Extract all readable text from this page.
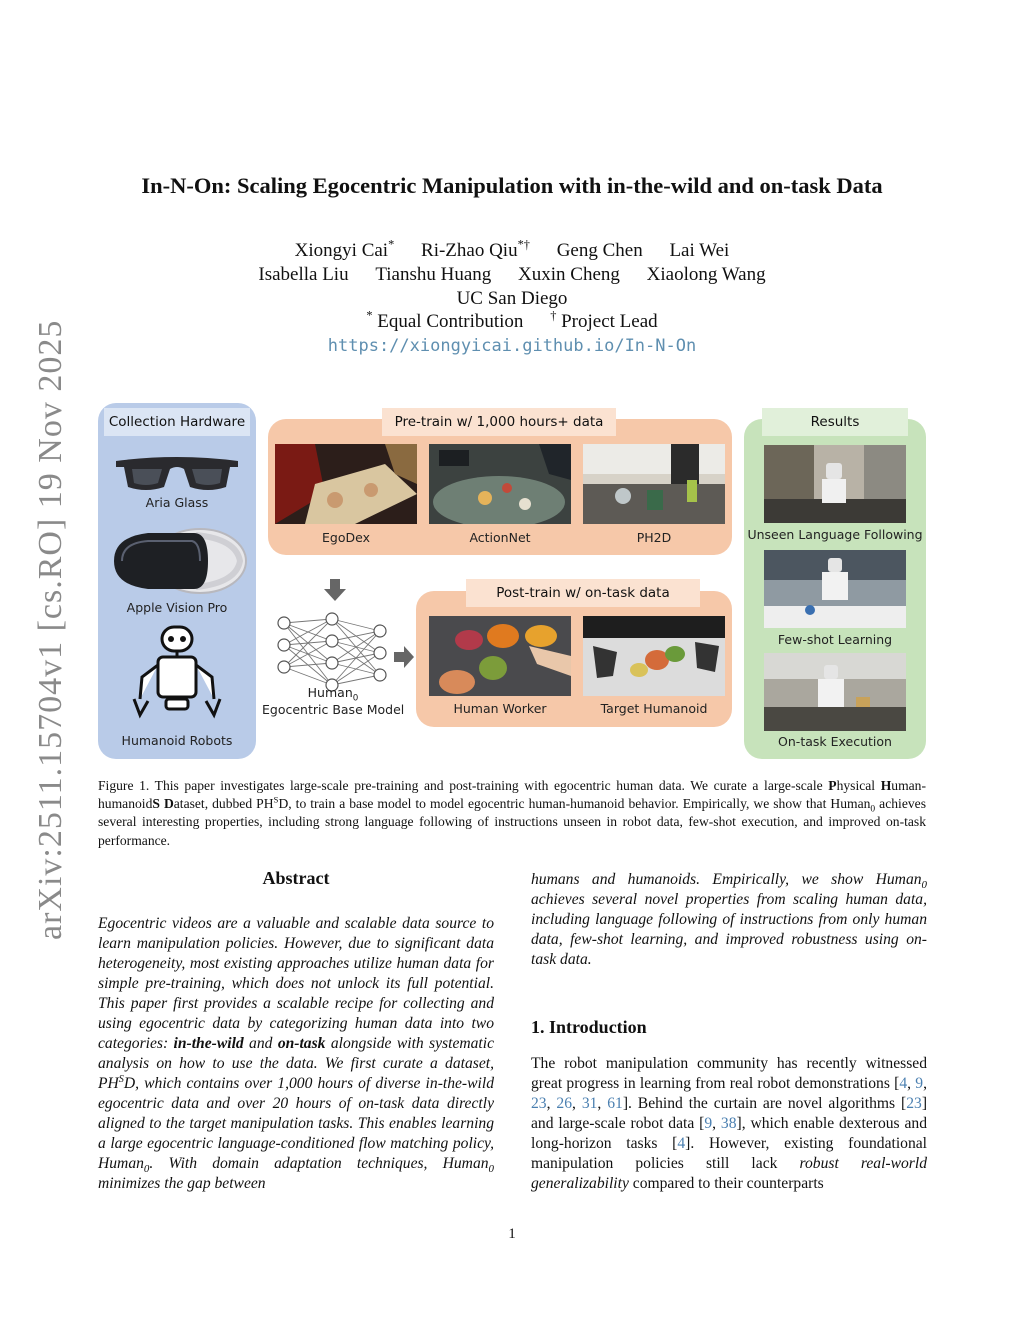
arXiv:2511.15704v1 [cs.RO] 19 Nov 2025
In-N-On: Scaling Egocentric Manipulation with in-the-wild and on-task Data
Xiongyi Cai* Ri-Zhao Qiu*† Geng Chen Lai Wei
Isabella Liu Tianshu Huang Xuxin Cheng Xiaolong Wang
UC San Diego
* Equal Contribution † Project Lead
https://xiongyicai.github.io/In-N-On
Collection Hardware
Aria Glass
Apple Vision Pro
Humanoid Robots
Pre-train w/ 1,000 hours+ data
EgoDex	ActionNet	PH2D
Human$_0$
Egocentric Base Model
Post-train w/ on-task data
Human Worker	Target Humanoid
Results
Unseen Language Following
Few-shot Learning
On-task Execution
Figure 1. This paper investigates large-scale pre-training and post-training with egocentric human data. We curate a large-scale Physical Human-humanoidS Dataset, dubbed $PH^SD$, to train a base model to model egocentric human-humanoid behavior. Empirically, we show that Human$_0$ achieves several interesting properties, including strong language following of instructions unseen in robot data, few-shot execution, and improved on-task performance.
Abstract
Egocentric videos are a valuable and scalable data source to learn manipulation policies. However, due to significant data heterogeneity, most existing approaches utilize human data for simple pre-training, which does not unlock its full potential. This paper first provides a scalable recipe for collecting and using egocentric data by categorizing human data into two categories: in-the-wild and on-task alongside with systematic analysis on how to use the data. We first curate a dataset, $PH^SD$, which contains over 1,000 hours of diverse in-the-wild egocentric data and over 20 hours of on-task data directly aligned to the target manipulation tasks. This enables learning a large egocentric language-conditioned flow matching policy, Human$_0$. With domain adaptation techniques, Human$_0$ minimizes the gap between
humans and humanoids. Empirically, we show Human$_0$ achieves several novel properties from scaling human data, including language following of instructions from only human data, few-shot learning, and improved robustness using on-task data.
1. Introduction
The robot manipulation community has recently witnessed great progress in learning from real robot demonstrations [4, 9, 23, 26, 31, 61]. Behind the curtain are novel algorithms [23] and large-scale robot data [9, 38], which enable dexterous and long-horizon tasks [4]. However, existing foundational manipulation policies still lack robust real-world generalizability compared to their counterparts
1
